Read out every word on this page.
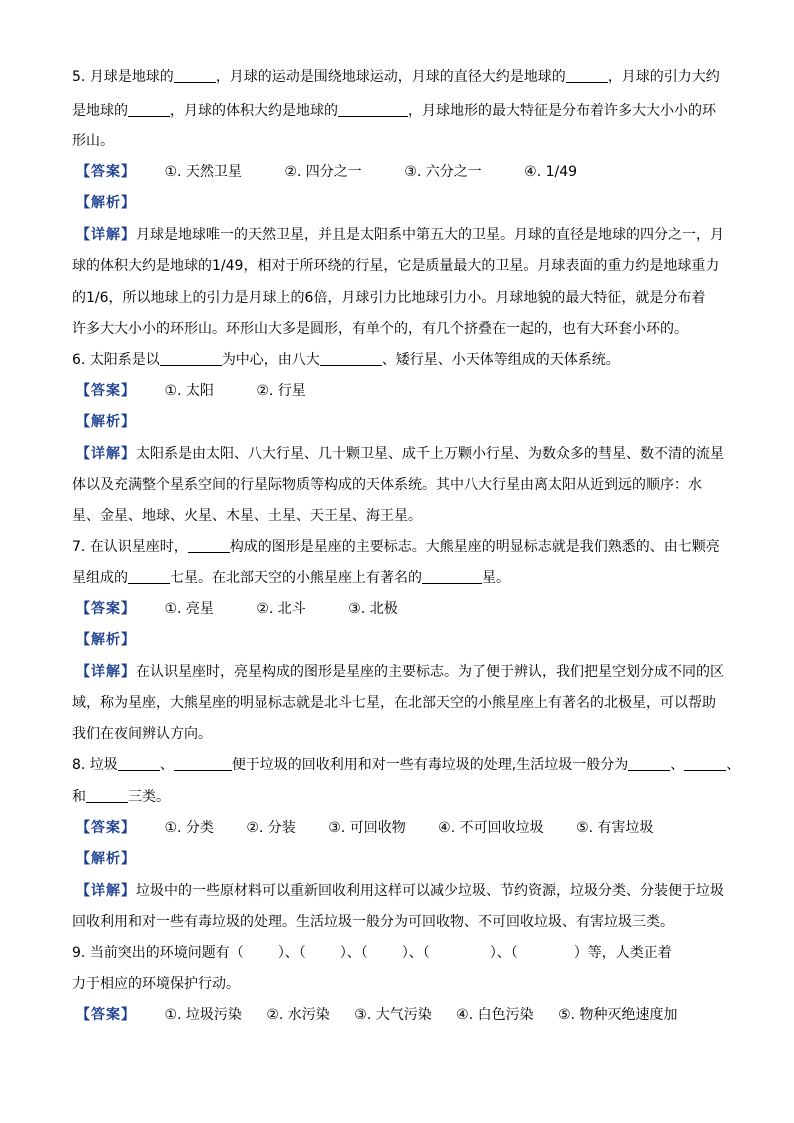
5. 月球是地球的	，月球的运动是围绕地球运动，月球的直径大约是地球的	，月球的引力大约
是地球的	，月球的体积大约是地球的	，月球地形的最大特征是分布着许多大大小小的环
形山。
【答案】 ①. 天然卫星	②. 四分之一	③. 六分之一	④. 1/49
【解析】
【详解】月球是地球唯一的天然卫星，并且是太阳系中第五大的卫星。月球的直径是地球的四分之一，月
球的体积大约是地球的1/49，相对于所环绕的行星，它是质量最大的卫星。月球表面的重力约是地球重力
的1/6，所以地球上的引力是月球上的6倍，月球引力比地球引力小。月球地貌的最大特征，就是分布着
许多大大小小的环形山。环形山大多是圆形，有单个的，有几个挤叠在一起的，也有大环套小环的。
6. 太阳系是以	为中心，由八大	、矮行星、小天体等组成的天体系统。
【答案】 ①. 太阳	②. 行星
【解析】
【详解】太阳系是由太阳、八大行星、几十颗卫星、成千上万颗小行星、为数众多的彗星、数不清的流星
体以及充满整个星系空间的行星际物质等构成的天体系统。其中八大行星由离太阳从近到远的顺序：水
星、金星、地球、火星、木星、土星、天王星、海王星。
7. 在认识星座时，	构成的图形是星座的主要标志。大熊星座的明显标志就是我们熟悉的、由七颗亮
星组成的	七星。在北部天空的小熊星座上有著名的	星。
【答案】 ①. 亮星	②. 北斗	③. 北极
【解析】
【详解】在认识星座时，亮星构成的图形是星座的主要标志。为了便于辨认，我们把星空划分成不同的区
域，称为星座，大熊星座的明显标志就是北斗七星，在北部天空的小熊星座上有著名的北极星，可以帮助
我们在夜间辨认方向。
8. 垃圾	、	便于垃圾的回收利用和对一些有毒垃圾的处理,生活垃圾一般分为	、	、
和	三类。
【答案】 ①. 分类 ②. 分装 ③. 可回收物 ④. 不可回收垃圾 ⑤. 有害垃圾
【解析】
【详解】垃圾中的一些原材料可以重新回收利用这样可以减少垃圾、节约资源，垃圾分类、分装便于垃圾
回收利用和对一些有毒垃圾的处理。生活垃圾一般分为可回收物、不可回收垃圾、有害垃圾三类。
9. 当前突出的环境问题有（ ）、（ ）、（ ）、（	）、（	）等，人类正着
力于相应的环境保护行动。
【答案】 ①. 垃圾污染 ②. 水污染 ③. 大气污染 ④. 白色污染 ⑤. 物种灭绝速度加
